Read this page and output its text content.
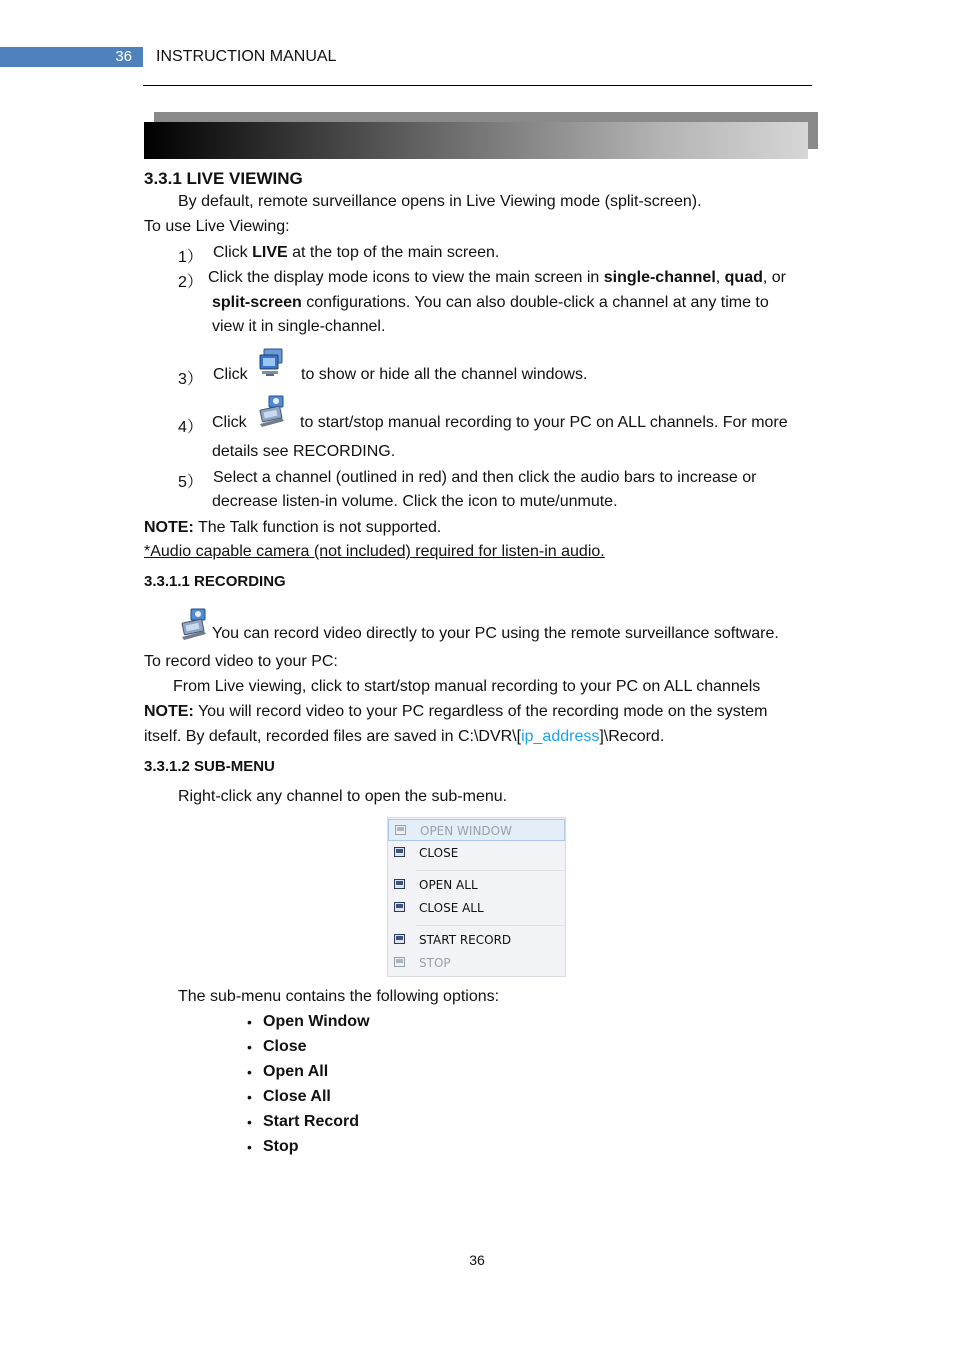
36	INSTRUCTION MANUAL
3.3.1 LIVE VIEWING
By default, remote surveillance opens in Live Viewing mode (split-screen).
To use Live Viewing:
1） Click LIVE at the top of the main screen.
2） Click the display mode icons to view the main screen in single-channel, quad, or
split-screen configurations. You can also double-click a channel at any time to
view it in single-channel.
3） Click	to show or hide all the channel windows.
4） Click	to start/stop manual recording to your PC on ALL channels. For more
details see RECORDING.
5） Select a channel (outlined in red) and then click the audio bars to increase or
decrease listen-in volume. Click the icon to mute/unmute.
NOTE: The Talk function is not supported.
*Audio capable camera (not included) required for listen-in audio.
3.3.1.1 RECORDING
You can record video directly to your PC using the remote surveillance software.
To record video to your PC:
From Live viewing, click to start/stop manual recording to your PC on ALL channels
NOTE: You will record video to your PC regardless of the recording mode on the system
itself. By default, recorded files are saved in C:\DVR\[ip_address]\Record.
3.3.1.2 SUB-MENU
Right-click any channel to open the sub-menu.
OPEN WINDOW
CLOSE
OPEN ALL
CLOSE ALL
START RECORD
STOP
The sub-menu contains the following options:
• Open Window
• Close
• Open All
• Close All
• Start Record
• Stop
36
